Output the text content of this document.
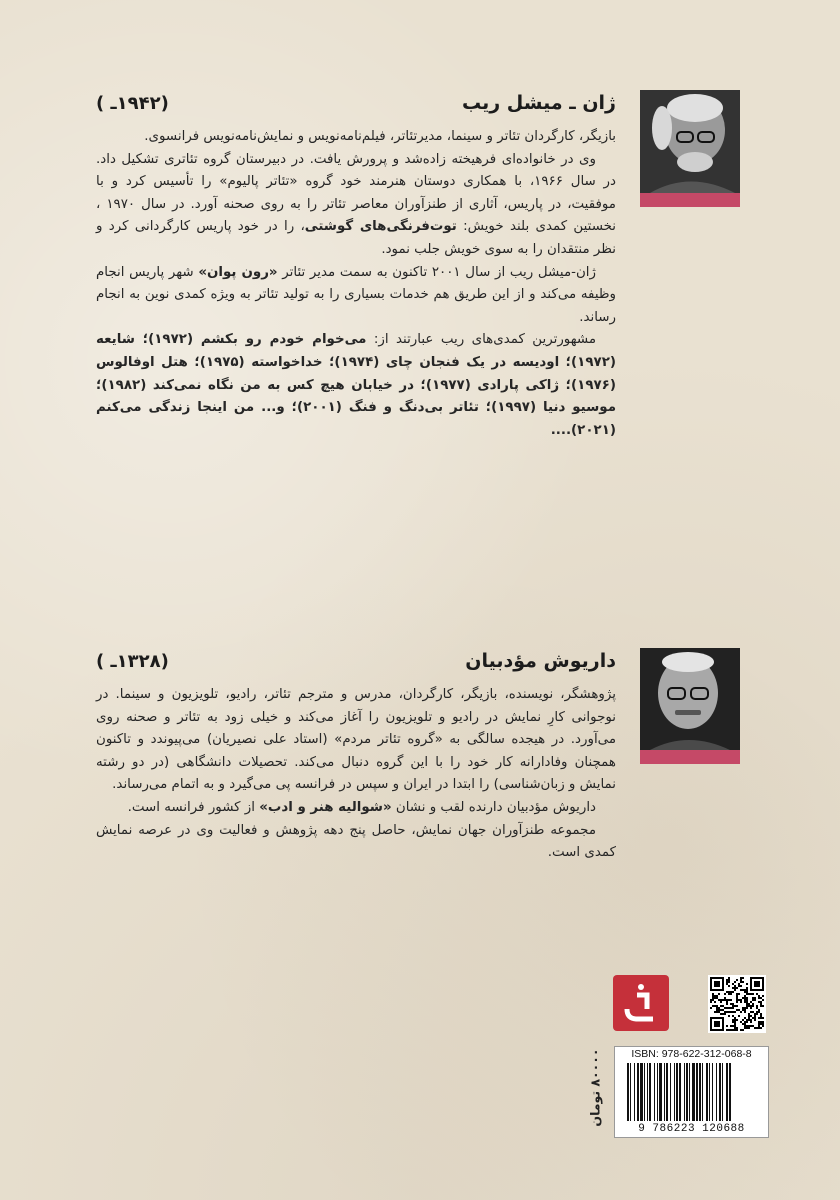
ژان ـ میشل ریب
(۱۹۴۲ـ )

بازیگر، کارگردان تئاتر و سینما، مدیرتئاتر، فیلم‌نامه‌نویس و نمایش‌نامه‌نویس فرانسوی.

وی در خانواده‌ای فرهیخته زاده‌شد و پرورش یافت. در دبیرستان گروه تئاتری تشکیل داد. در سال ۱۹۶۶، با همکاری دوستان هنرمند خود گروه «تئاتر پالیوم» را تأسیس کرد و با موفقیت، در پاریس، آثاری از طنزآوران معاصر تئاتر را به روی صحنه آورد. در سال ۱۹۷۰ ، نخستین کمدی بلند خویش: توت‌فرنگی‌های گوشتی، را در خود پاریس کارگردانی کرد و نظر منتقدان را به سوی خویش جلب نمود.

ژان-میشل ریب از سال ۲۰۰۱ تاکنون به سمت مدیر تئاتر «رون پوان» شهر پاریس انجام وظیفه می‌کند و از این طریق هم خدمات بسیاری را به تولید تئاتر به ویژه کمدی نوین به انجام رساند.

مشهورترین کمدی‌های ریب عبارتند از: می‌خوام خودم رو بکشم (۱۹۷۲)؛ شایعه (۱۹۷۲)؛ اودیسه در یک فنجان چای (۱۹۷۴)؛ خداخواسته (۱۹۷۵)؛ هتل اوفالوس (۱۹۷۶)؛ ژاکی پارادی (۱۹۷۷)؛ در خیابان هیچ کس به من نگاه نمی‌کند (۱۹۸۲)؛ موسیو دنیا (۱۹۹۷)؛ تئاتر بی‌دنگ و فنگ (۲۰۰۱)؛ و... من اینجا زندگی می‌کنم (۲۰۲۱)....

داریوش مؤدبیان
(۱۳۲۸ـ )

پژوهشگر، نویسنده، بازیگر، کارگردان، مدرس و مترجم تئاتر، رادیو، تلویزیون و سینما. در نوجوانی کارِ نمایش در رادیو و تلویزیون را آغاز می‌کند و خیلی زود به تئاتر و صحنه روی می‌آورد. در هیجده سالگی به «گروه تئاتر مردم» (استاد علی نصیریان) می‌پیوندد و تاکنون همچنان وفادارانه کار خود را با این گروه دنبال می‌کند. تحصیلات دانشگاهی (در دو رشته نمایش و زبان‌شناسی) را ابتدا در ایران و سپس در فرانسه پی می‌گیرد و به اتمام می‌رساند.

داریوش مؤدبیان دارنده لقب و نشان «شوالیه هنر و ادب» از کشور فرانسه است.

مجموعه طنزآوران جهان نمایش، حاصل پنج دهه پژوهش و فعالیت وی در عرصه نمایش کمدی است.

ISBN: 978-622-312-068-8
9 786223 120688
۸۰۰۰۰ تومان
